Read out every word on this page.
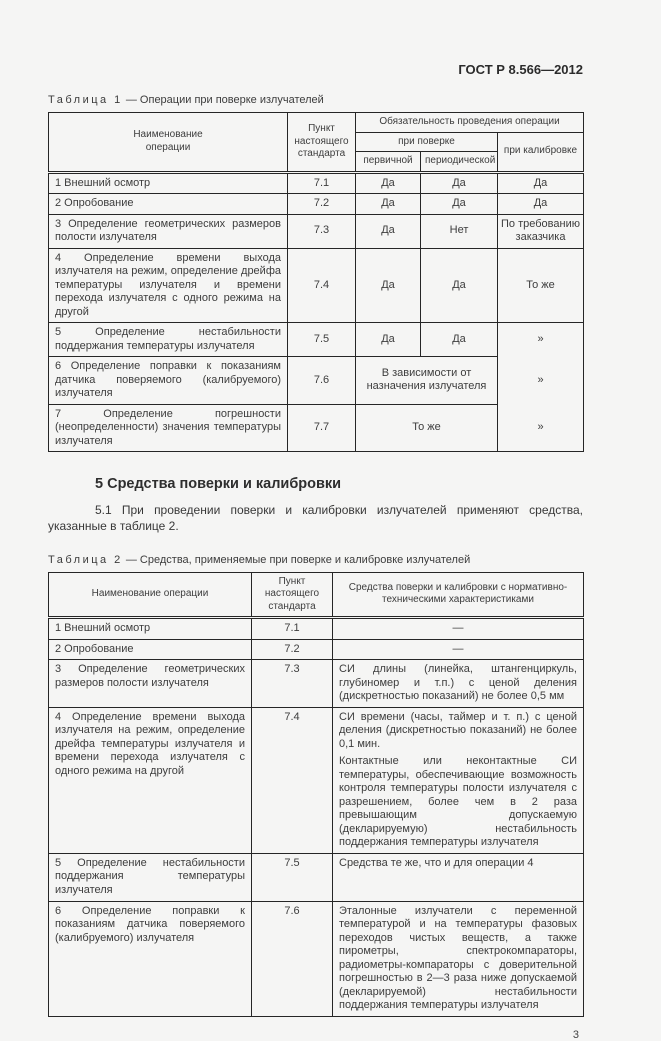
ГОСТ Р 8.566—2012
Таблица 1 — Операции при поверке излучателей
Наименование операции	Пункт настоящего стандарта	Обязательность проведения операции		
		при поверке		при калибровке
		первичной	периодической	
1 Внешний осмотр	7.1	Да	Да	Да
2 Опробование	7.2	Да	Да	Да
3 Определение геометрических размеров полости излучателя	7.3	Да	Нет	По требованию заказчика
4 Определение времени выхода излучателя на режим, определение дрейфа температуры излучателя и времени перехода излучателя с одного режима на другой	7.4	Да	Да	То же
5 Определение нестабильности поддержания температуры излучателя	7.5	Да	Да	»
6 Определение поправки к показаниям датчика поверяемого (калибруемого) излучателя	7.6	В зависимости от назначения излучателя		»
7 Определение погрешности (неопределенности) значения температуры излучателя	7.7	То же		»
5 Средства поверки и калибровки

5.1 При проведении поверки и калибровки излучателей применяют средства, указанные в таблице 2.

Таблица 2 — Средства, применяемые при поверке и калибровке излучателей
Наименование операции	Пункт настоящего стандарта	Средства поверки и калибровки с нормативно-техническими характеристиками
1 Внешний осмотр	7.1	—
2 Опробование	7.2	—
3 Определение геометрических размеров полости излучателя	7.3	СИ длины (линейка, штангенциркуль, глубиномер и т.п.) с ценой деления (дискретностью показаний) не более 0,5 мм

4 Определение времени выхода излучателя на режим, определение дрейфа температуры излучателя и времени перехода излучателя с одного режима на другой	7.4	СИ времени (часы, таймер и т. п.) с ценой деления (дискретностью показаний) не более 0,1 мин.

Контактные или неконтактные СИ температуры, обеспечивающие возможность контроля температуры полости излучателя с разрешением, более чем в 2 раза превышающим допускаемую (декларируемую) нестабильность поддержания температуры излучателя

5 Определение нестабильности поддержания температуры излучателя	7.5	Средства те же, что и для операции 4

6 Определение поправки к показаниям датчика поверяемого (калибруемого) излучателя	7.6	Эталонные излучатели с переменной температурой и на температуры фазовых переходов чистых веществ, а также пирометры, спектрокомпараторы, радиометры-компараторы с доверительной погрешностью в 2—3 раза ниже допускаемой (декларируемой) нестабильности поддержания температуры излучателя

3
